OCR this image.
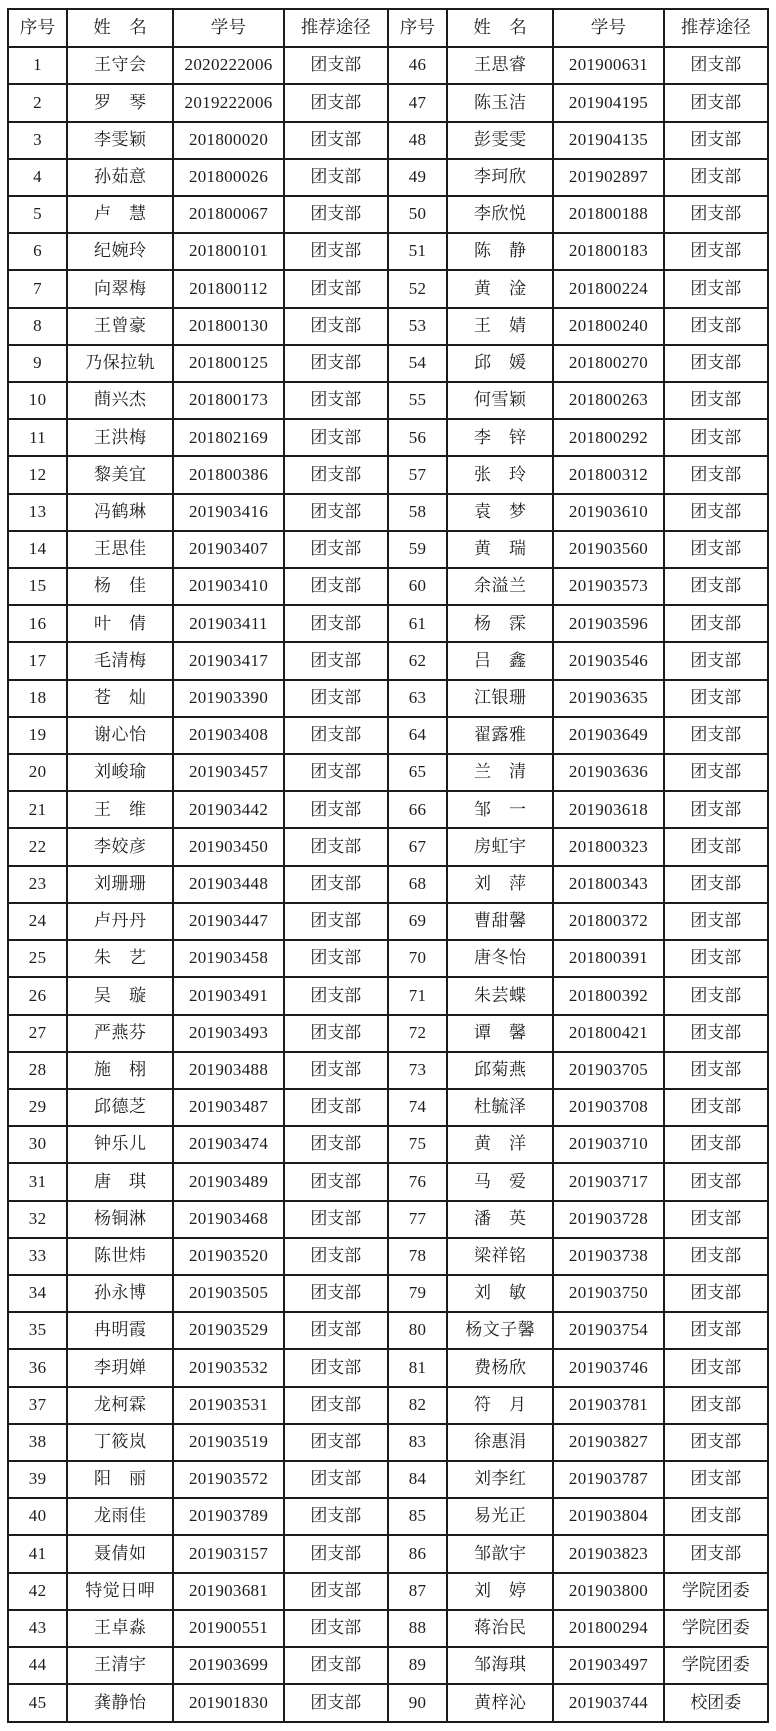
序号	姓　名	学号	推荐途径	序号	姓　名	学号	推荐途径
1	王守会	2020222006	团支部	46	王思睿	201900631	团支部
2	罗　琴	2019222006	团支部	47	陈玉洁	201904195	团支部
3	李雯颖	201800020	团支部	48	彭雯雯	201904135	团支部
4	孙茹意	201800026	团支部	49	李珂欣	201902897	团支部
5	卢　慧	201800067	团支部	50	李欣悦	201800188	团支部
6	纪婉玲	201800101	团支部	51	陈　静	201800183	团支部
7	向翠梅	201800112	团支部	52	黄　淦	201800224	团支部
8	王曾豪	201800130	团支部	53	王　婧	201800240	团支部
9	乃保拉轨	201800125	团支部	54	邱　媛	201800270	团支部
10	蔄兴杰	201800173	团支部	55	何雪颖	201800263	团支部
11	王洪梅	201802169	团支部	56	李　锌	201800292	团支部
12	黎美宜	201800386	团支部	57	张　玲	201800312	团支部
13	冯鹤琳	201903416	团支部	58	袁　梦	201903610	团支部
14	王思佳	201903407	团支部	59	黄　瑞	201903560	团支部
15	杨　佳	201903410	团支部	60	余溢兰	201903573	团支部
16	叶　倩	201903411	团支部	61	杨　霂	201903596	团支部
17	毛清梅	201903417	团支部	62	吕　鑫	201903546	团支部
18	苍　灿	201903390	团支部	63	江银珊	201903635	团支部
19	谢心怡	201903408	团支部	64	翟露雅	201903649	团支部
20	刘峻瑜	201903457	团支部	65	兰　清	201903636	团支部
21	王　维	201903442	团支部	66	邹　一	201903618	团支部
22	李姣彦	201903450	团支部	67	房虹宇	201800323	团支部
23	刘珊珊	201903448	团支部	68	刘　萍	201800343	团支部
24	卢丹丹	201903447	团支部	69	曹甜馨	201800372	团支部
25	朱　艺	201903458	团支部	70	唐冬怡	201800391	团支部
26	吴　璇	201903491	团支部	71	朱芸蝶	201800392	团支部
27	严燕芬	201903493	团支部	72	谭　馨	201800421	团支部
28	施　栩	201903488	团支部	73	邱菊燕	201903705	团支部
29	邱德芝	201903487	团支部	74	杜毓泽	201903708	团支部
30	钟乐儿	201903474	团支部	75	黄　洋	201903710	团支部
31	唐　琪	201903489	团支部	76	马　爱	201903717	团支部
32	杨铜淋	201903468	团支部	77	潘　英	201903728	团支部
33	陈世炜	201903520	团支部	78	梁祥铭	201903738	团支部
34	孙永博	201903505	团支部	79	刘　敏	201903750	团支部
35	冉明霞	201903529	团支部	80	杨文子馨	201903754	团支部
36	李玥婵	201903532	团支部	81	费杨欣	201903746	团支部
37	龙柯霖	201903531	团支部	82	符　月	201903781	团支部
38	丁筱岚	201903519	团支部	83	徐惠涓	201903827	团支部
39	阳　丽	201903572	团支部	84	刘李红	201903787	团支部
40	龙雨佳	201903789	团支部	85	易光正	201903804	团支部
41	聂倩如	201903157	团支部	86	邹歆宇	201903823	团支部
42	特觉日呷	201903681	团支部	87	刘　婷	201903800	学院团委
43	王卓淼	201900551	团支部	88	蒋治民	201800294	学院团委
44	王清宇	201903699	团支部	89	邹海琪	201903497	学院团委
45	龚静怡	201901830	团支部	90	黄梓沁	201903744	校团委
